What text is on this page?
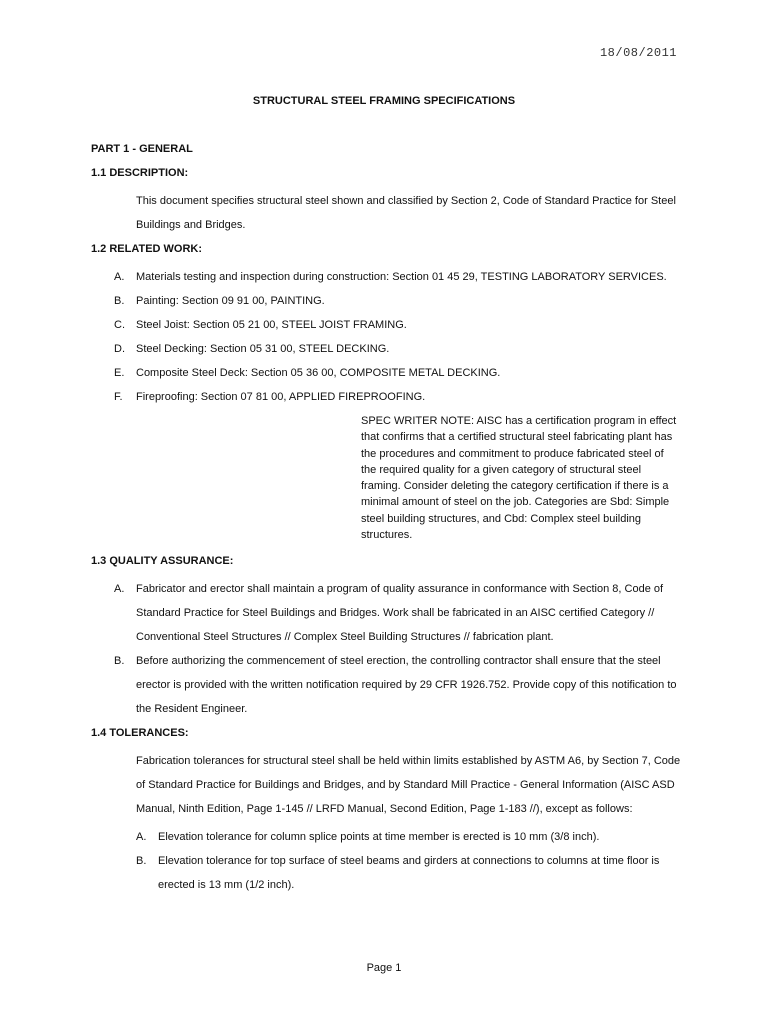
18/08/2011
STRUCTURAL STEEL FRAMING SPECIFICATIONS
PART 1 - GENERAL
1.1 DESCRIPTION:
This document specifies structural steel shown and classified by Section 2, Code of Standard Practice for Steel Buildings and Bridges.
1.2 RELATED WORK:
A.	Materials testing and inspection during construction: Section 01 45 29, TESTING LABORATORY SERVICES.
B.	Painting: Section 09 91 00, PAINTING.
C.	Steel Joist: Section 05 21 00, STEEL JOIST FRAMING.
D.	Steel Decking: Section 05 31 00, STEEL DECKING.
E.	Composite Steel Deck: Section 05 36 00, COMPOSITE METAL DECKING.
F.	Fireproofing: Section 07 81 00, APPLIED FIREPROOFING.
SPEC WRITER NOTE: AISC has a certification program in effect that confirms that a certified structural steel fabricating plant has the procedures and commitment to produce fabricated steel of the required quality for a given category of structural steel framing. Consider deleting the category certification if there is a minimal amount of steel on the job. Categories are Sbd: Simple steel building structures, and Cbd: Complex steel building structures.
1.3 QUALITY ASSURANCE:
A.	Fabricator and erector shall maintain a program of quality assurance in conformance with Section 8, Code of Standard Practice for Steel Buildings and Bridges. Work shall be fabricated in an AISC certified Category // Conventional Steel Structures // Complex Steel Building Structures // fabrication plant.
B.	Before authorizing the commencement of steel erection, the controlling contractor shall ensure that the steel erector is provided with the written notification required by 29 CFR 1926.752. Provide copy of this notification to the Resident Engineer.
1.4 TOLERANCES:
Fabrication tolerances for structural steel shall be held within limits established by ASTM A6, by Section 7, Code of Standard Practice for Buildings and Bridges, and by Standard Mill Practice - General Information (AISC ASD Manual, Ninth Edition, Page 1-145 // LRFD Manual, Second Edition, Page 1-183 //), except as follows:
A.	Elevation tolerance for column splice points at time member is erected is 10 mm (3/8 inch).
B.	Elevation tolerance for top surface of steel beams and girders at connections to columns at time floor is erected is 13 mm (1/2 inch).
Page 1
